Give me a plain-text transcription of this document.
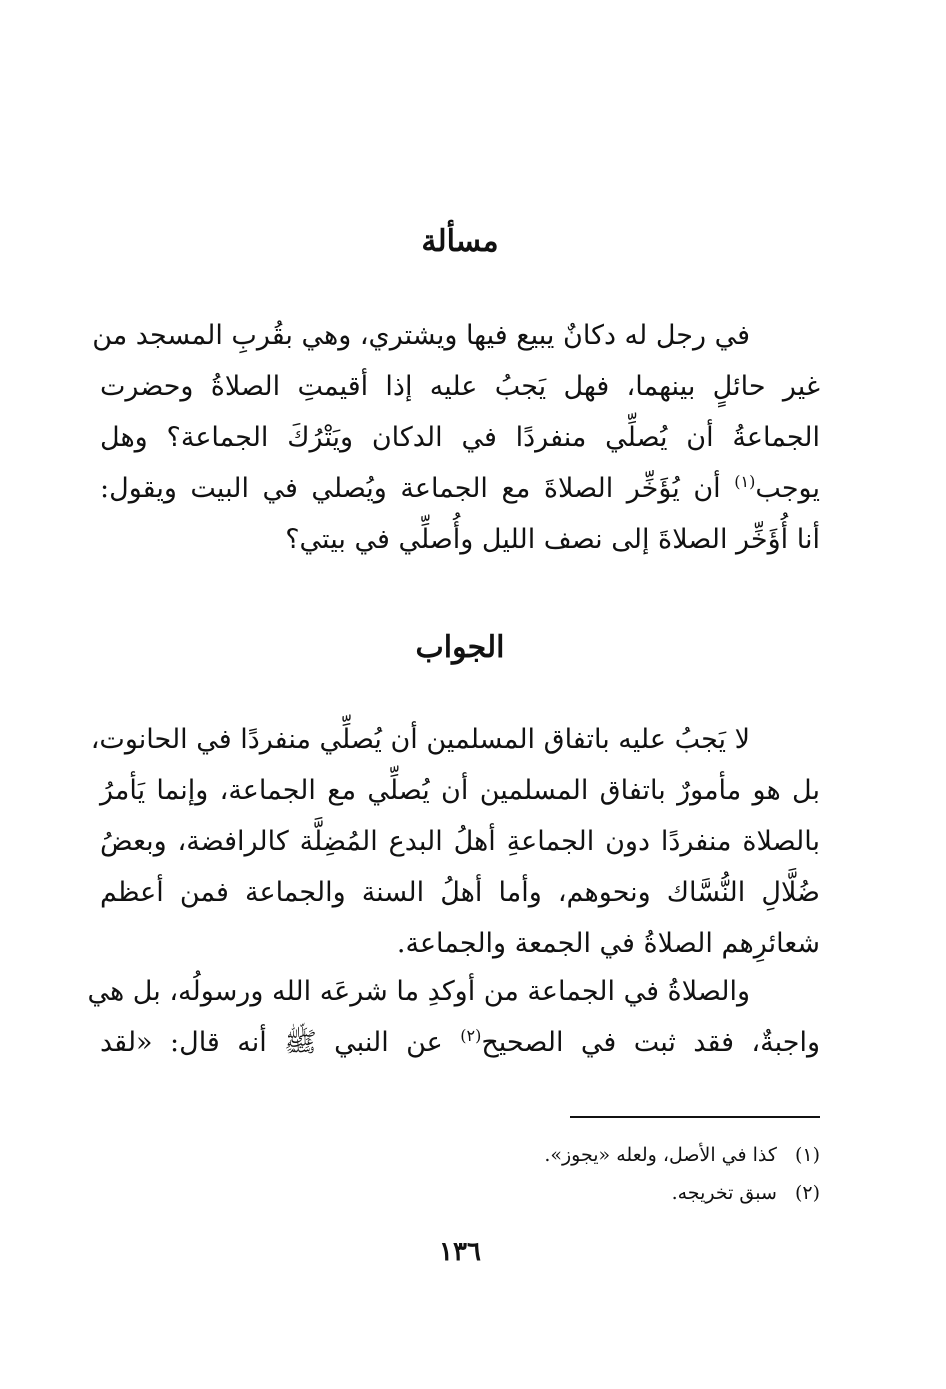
مسألة
في رجل له دكانٌ يبيع فيها ويشتري، وهي بقُربِ المسجد من
غير حائلٍ بينهما، فهل يَجبُ عليه إذا أقيمتِ الصلاةُ وحضرت
الجماعةُ أن يُصلِّي منفردًا في الدكان ويَتْرُكَ الجماعة؟ وهل
يوجب$^{(١)}$ أن يُؤَخِّر الصلاةَ مع الجماعة ويُصلي في البيت ويقول:
أنا أُؤَخِّر الصلاةَ إلى نصف الليل وأُصلِّي في بيتي؟
الجواب
لا يَجبُ عليه باتفاق المسلمين أن يُصلِّي منفردًا في الحانوت،
بل هو مأمورٌ باتفاق المسلمين أن يُصلِّي مع الجماعة، وإنما يَأمرُ
بالصلاة منفردًا دون الجماعةِ أهلُ البدع المُضِلَّة كالرافضة، وبعضُ
ضُلَّالِ النُّسَّاك ونحوهم، وأما أهلُ السنة والجماعة فمن أعظم
شعائرِهم الصلاةُ في الجمعة والجماعة.
والصلاةُ في الجماعة من أوكدِ ما شرعَه الله ورسولُه، بل هي
واجبةٌ، فقد ثبت في الصحيح$^{(٢)}$ عن النبي ﷺ أنه قال: «لقد
(١)كذا في الأصل، ولعله «يجوز».
(٢)سبق تخريجه.
١٣٦
